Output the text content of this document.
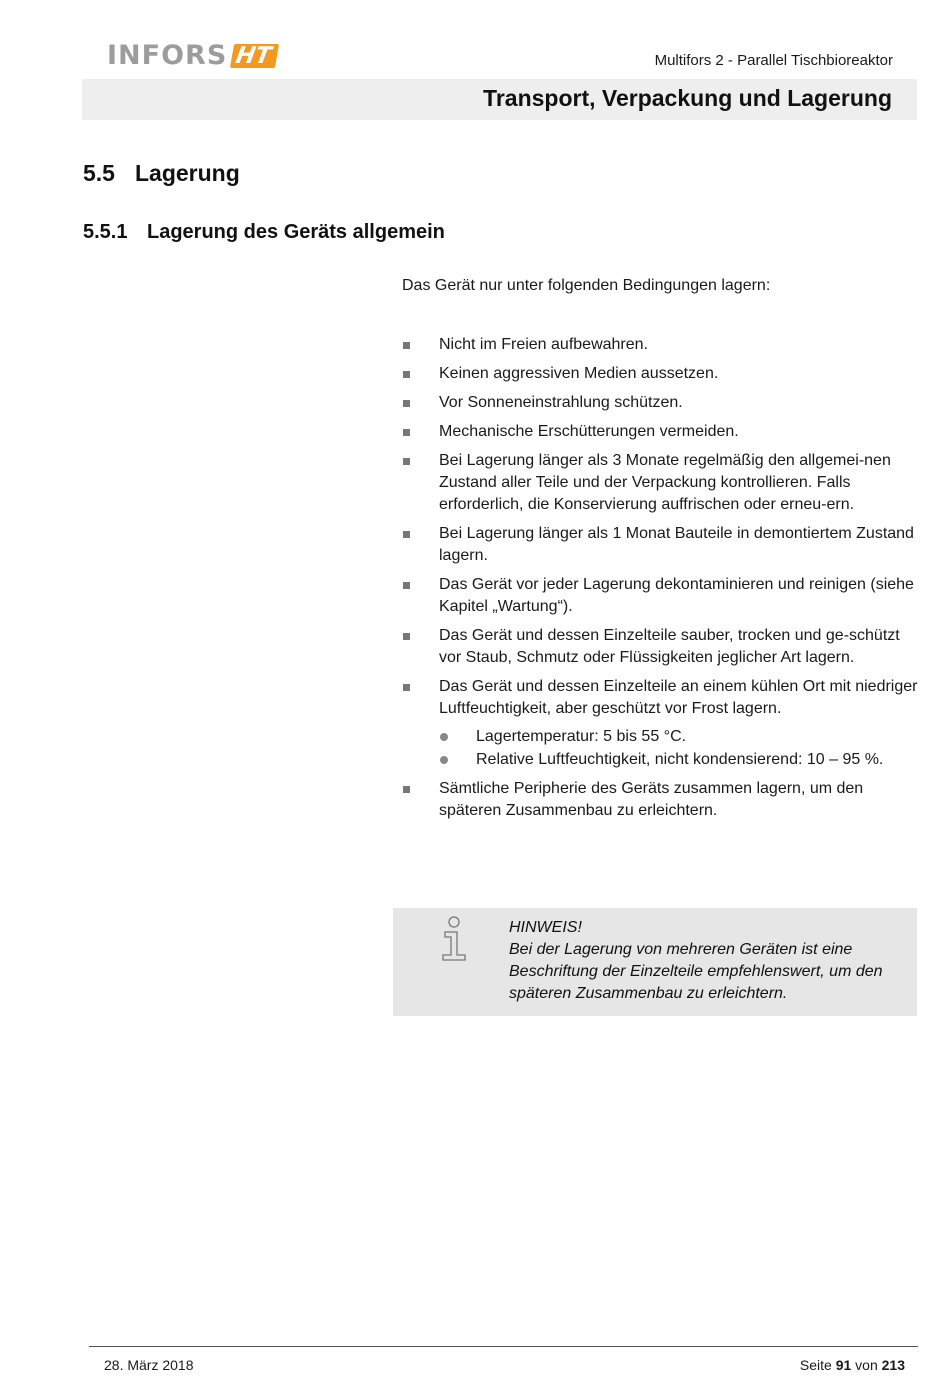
INFORS HT	Multifors 2 - Parallel Tischbioreaktor
Transport, Verpackung und Lagerung
5.5 Lagerung
5.5.1 Lagerung des Geräts allgemein
Das Gerät nur unter folgenden Bedingungen lagern:
Nicht im Freien aufbewahren.
Keinen aggressiven Medien aussetzen.
Vor Sonneneinstrahlung schützen.
Mechanische Erschütterungen vermeiden.
Bei Lagerung länger als 3 Monate regelmäßig den allgemei-nen Zustand aller Teile und der Verpackung kontrollieren. Falls erforderlich, die Konservierung auffrischen oder erneu-ern.
Bei Lagerung länger als 1 Monat Bauteile in demontiertem Zustand lagern.
Das Gerät vor jeder Lagerung dekontaminieren und reinigen (siehe Kapitel „Wartung“).
Das Gerät und dessen Einzelteile sauber, trocken und ge-schützt vor Staub, Schmutz oder Flüssigkeiten jeglicher Art lagern.
Das Gerät und dessen Einzelteile an einem kühlen Ort mit niedriger Luftfeuchtigkeit, aber geschützt vor Frost lagern.
Lagertemperatur: 5 bis 55 °C.
Relative Luftfeuchtigkeit, nicht kondensierend: 10 – 95 %.
Sämtliche Peripherie des Geräts zusammen lagern, um den späteren Zusammenbau zu erleichtern.
HINWEIS!
Bei der Lagerung von mehreren Geräten ist eine Beschriftung der Einzelteile empfehlenswert, um den späteren Zusammenbau zu erleichtern.
28. März 2018	Seite 91 von 213
